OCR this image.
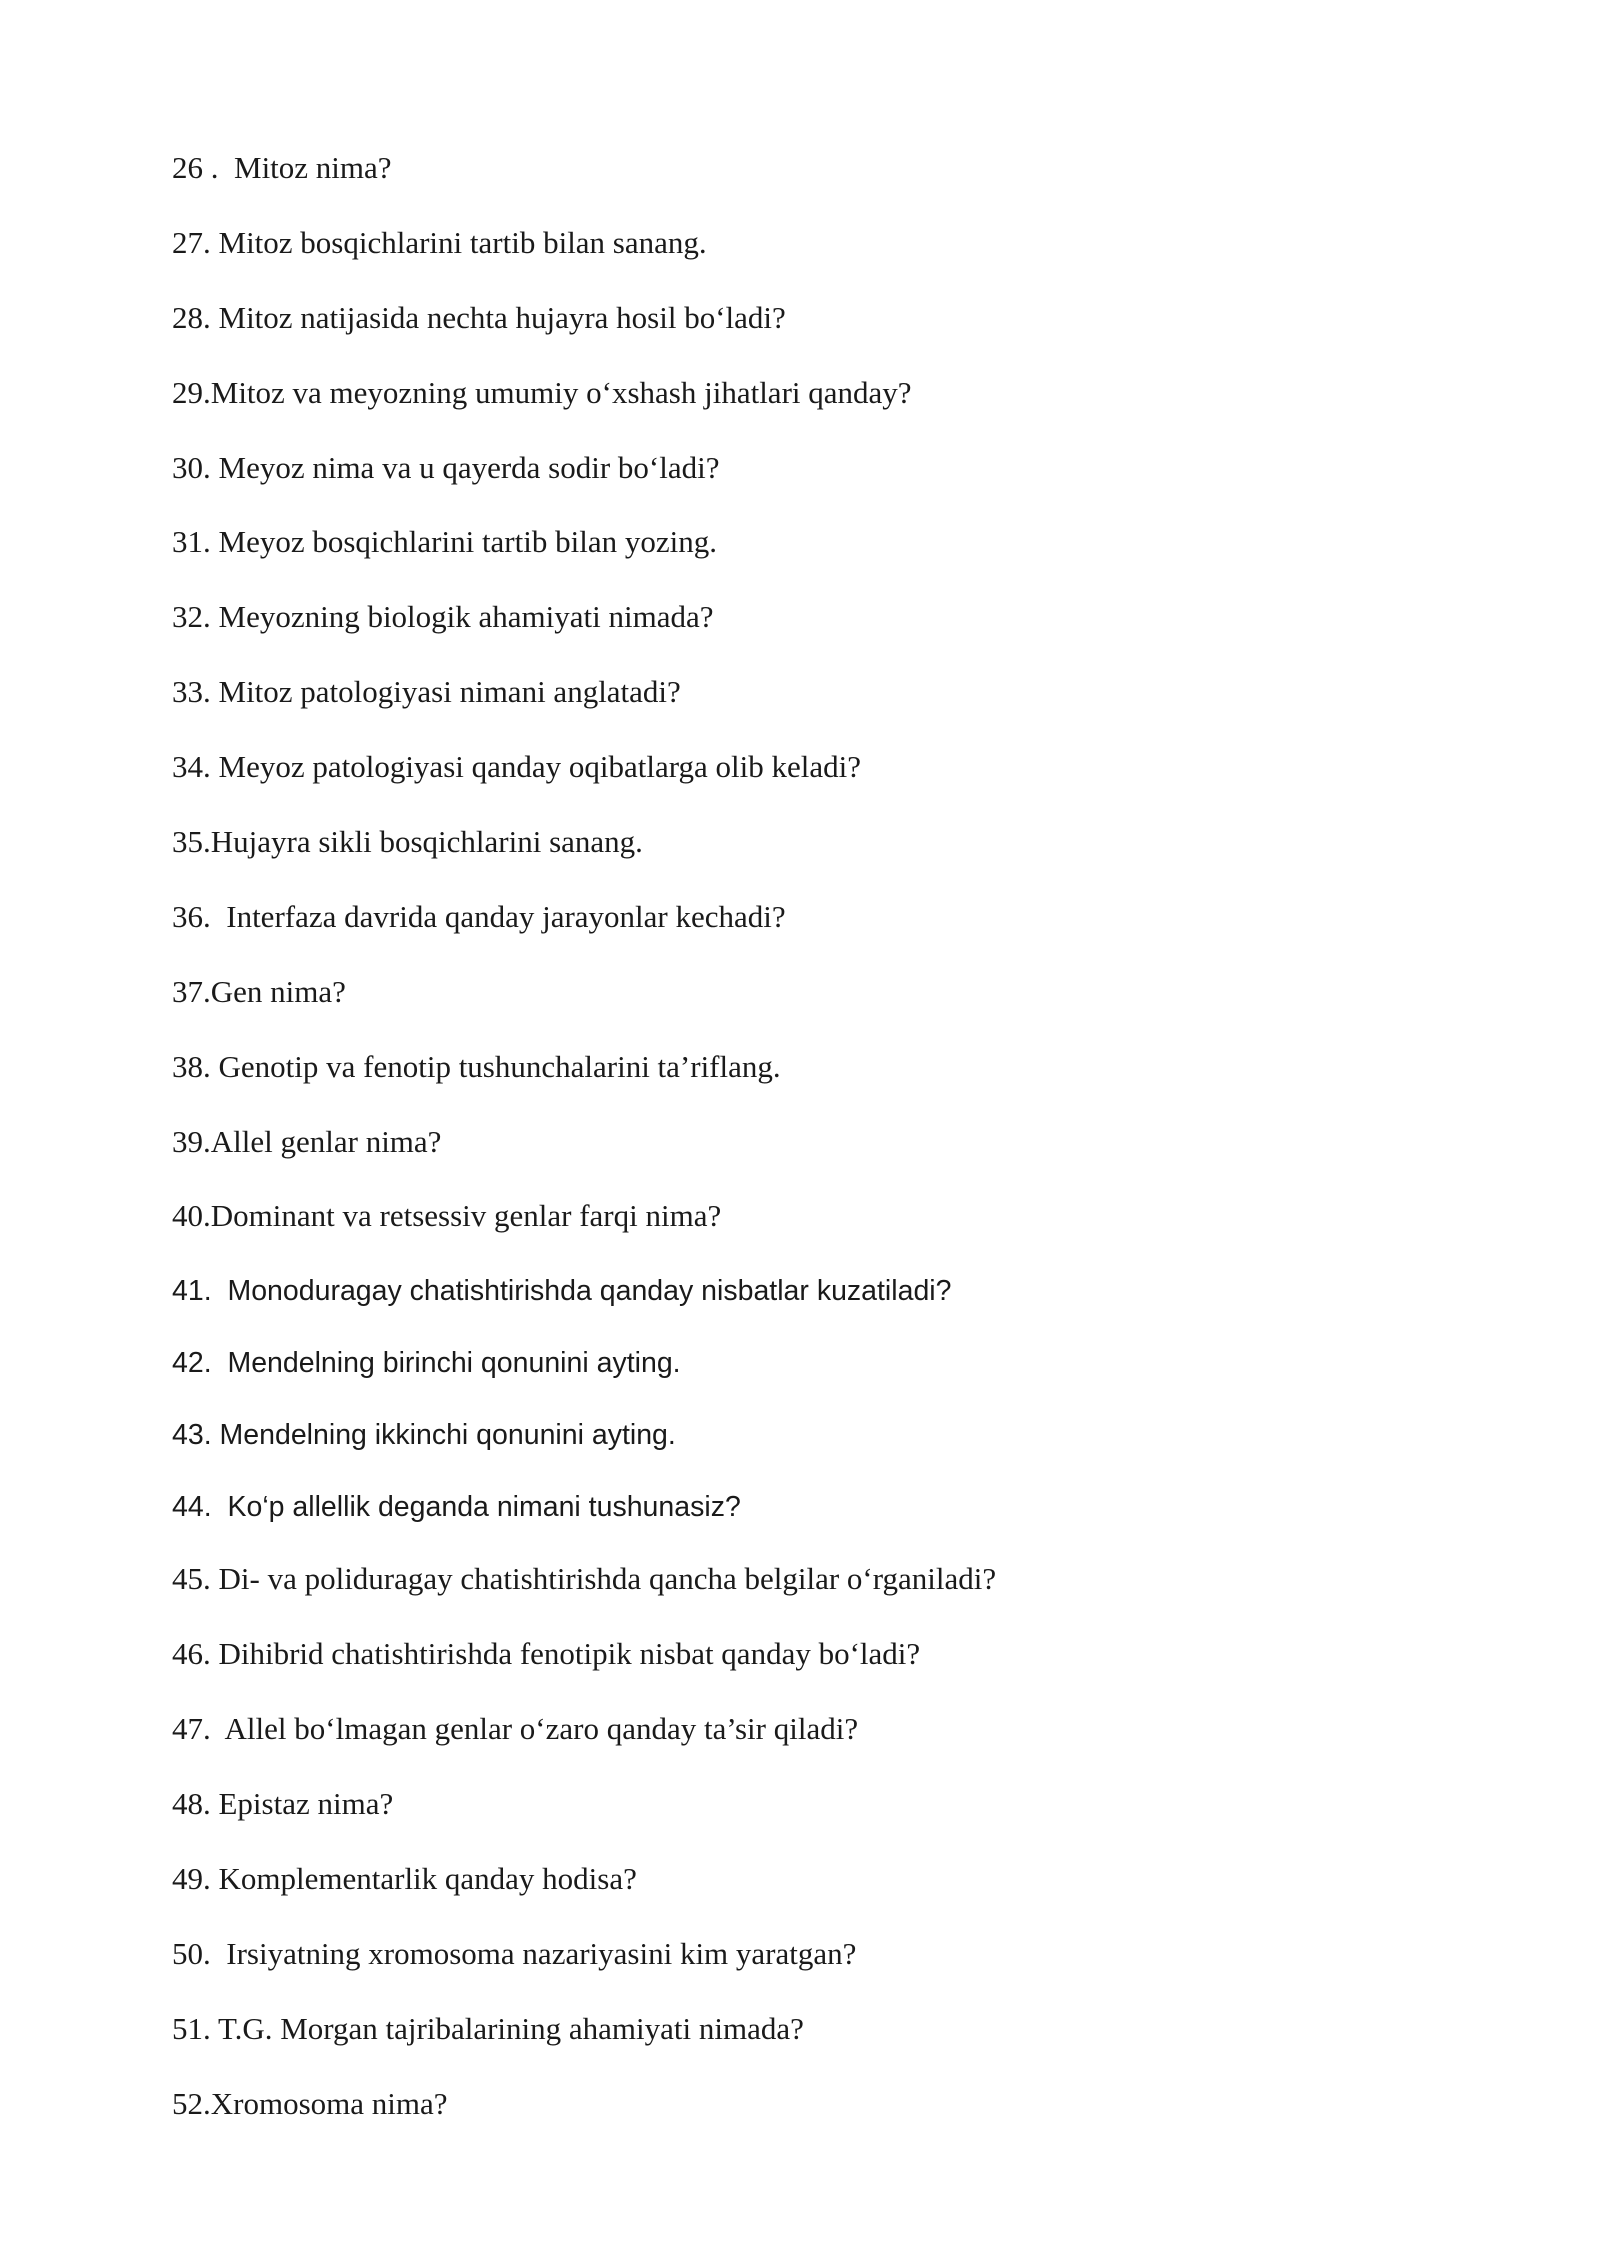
26 .  Mitoz nima?
27. Mitoz bosqichlarini tartib bilan sanang.
28. Mitoz natijasida nechta hujayra hosil bo‘ladi?
29.Mitoz va meyozning umumiy o‘xshash jihatlari qanday?
30. Meyoz nima va u qayerda sodir bo‘ladi?
31. Meyoz bosqichlarini tartib bilan yozing.
32. Meyozning biologik ahamiyati nimada?
33. Mitoz patologiyasi nimani anglatadi?
34. Meyoz patologiyasi qanday oqibatlarga olib keladi?
35.Hujayra sikli bosqichlarini sanang.
36.  Interfaza davrida qanday jarayonlar kechadi?
37.Gen nima?
38. Genotip va fenotip tushunchalarini ta’riflang.
39.Allel genlar nima?
40.Dominant va retsessiv genlar farqi nima?
41.  Monoduragay chatishtirishda qanday nisbatlar kuzatiladi?
42.  Mendelning birinchi qonunini ayting.
43. Mendelning ikkinchi qonunini ayting.
44.  Ko‘p allellik deganda nimani tushunasiz?
45. Di- va poliduragay chatishtirishda qancha belgilar o‘rganiladi?
46. Dihibrid chatishtirishda fenotipik nisbat qanday bo‘ladi?
47.  Allel bo‘lmagan genlar o‘zaro qanday ta’sir qiladi?
48. Epistaz nima?
49. Komplementarlik qanday hodisa?
50.  Irsiyatning xromosoma nazariyasini kim yaratgan?
51. T.G. Morgan tajribalarining ahamiyati nimada?
52.Xromosoma nima?
